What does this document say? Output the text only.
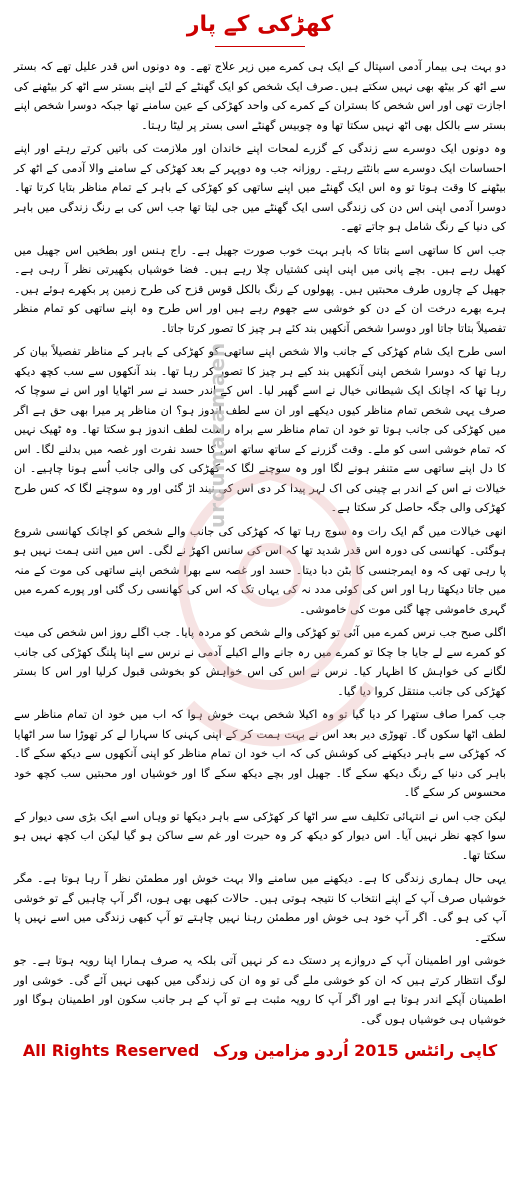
کھڑکی کے پار

دو بہت ہی بیمار آدمی اسپتال کے ایک ہی کمرے میں زیر علاج تھے۔ وہ دونوں اس قدر علیل تھے کہ بستر سے اٹھ کر بیٹھ بھی نہیں سکتے ہیں۔صرف ایک شخص کو ایک گھنٹے کے لئے اپنے بستر سے اٹھ کر بیٹھنے کی اجازت تھی اور اس شخص کا بستران کے کمرے کی واحد کھڑکی کے عین سامنے تھا جبکہ دوسرا شخص اپنے بستر سے بالکل بھی اٹھ نہیں سکتا تھا وہ چوبیس گھنٹے اسی بستر پر لیٹا رہتا۔

وہ دونوں ایک دوسرے سے زندگی کے گزرے لمحات اپنے خاندان اور ملازمت کی باتیں کرتے رہتے اور اپنے احساسات ایک دوسرے سے بانٹتے رہتے۔ روزانہ جب وہ دوپہر کے بعد کھڑکی کے سامنے والا آدمی کے اٹھ کر بیٹھنے کا وقت ہوتا تو وہ اس ایک گھنٹے میں اپنے ساتھی کو کھڑکی کے باہر کے تمام مناظر بتایا کرتا تھا۔ دوسرا آدمی اپنی اس دن کی زندگی اسی ایک گھنٹے میں جی لیتا تھا جب اس کی بے رنگ زندگی میں باہر کی دنیا کے رنگ شامل ہو جاتے تھے۔

جب اس کا ساتھی اسے بتاتا کہ باہر بہت خوب صورت جھیل ہے۔ راج ہنس اور بطخیں اس جھیل میں کھیل رہے ہیں۔ بچے پانی میں اپنی اپنی کشتیاں چلا رہے ہیں۔ فضا خوشیاں بکھیرتی نظر آ رہی ہے۔ جھیل کے چاروں طرف محبتیں ہیں۔ پھولوں کے رنگ بالکل قوس قزح کی طرح زمین پر بکھرے ہوئے ہیں۔ ہرے بھرے درخت ان کے دن کو خوشی سے جھوم رہے ہیں اور اس طرح وہ اپنے ساتھی کو تمام منظر تفصیلاً بتاتا جاتا اور دوسرا شخص آنکھیں بند کئے ہر چیز کا تصور کرتا جاتا۔

اسی طرح ایک شام کھڑکی کے جانب والا شخص اپنے ساتھی کو کھڑکی کے باہر کے مناظر تفصیلاً بیان کر رہا تھا کہ دوسرا شخص اپنی آنکھیں بند کیے ہر چیز کا تصور کر رہا تھا۔ بند آنکھوں سے سب کچھ دیکھ رہا تھا کہ اچانک ایک شیطانی خیال نے اسے گھیر لیا۔ اس کے اندر حسد نے سر اٹھایا اور اس نے سوچا کہ صرف یہی شخص تمام مناظر کیوں دیکھے اور ان سے لطف اندوز ہو؟ ان مناظر پر میرا بھی حق ہے اگر میں کھڑکی کی جانب ہوتا تو خود ان تمام مناظر سے براہ راست لطف اندوز ہو سکتا تھا۔ وہ ٹھیک نہیں کہ تمام خوشی اسی کو ملے۔ وقت گزرنے کے ساتھ ساتھ اس کا حسد نفرت اور غصہ میں بدلنے لگا۔ اس کا دل اپنے ساتھی سے متنفر ہونے لگا اور وہ سوچنے لگا کہ کھڑکی کی والی جانب اُسے ہونا چاہیے۔ ان خیالات نے اس کے اندر بے چینی کی اک لہر پیدا کر دی اس کی نیند اڑ گئی اور وہ سوچنے لگا کہ کس طرح کھڑکی والی جگہ حاصل کر سکتا ہے۔

انھی خیالات میں گم ایک رات وہ سوچ رہا تھا کہ کھڑکی کی جانب والے شخص کو اچانک کھانسی شروع ہوگئی۔ کھانسی کی دورہ اس قدر شدید تھا کہ اس کی سانس اکھڑ نے لگی۔ اس میں اتنی ہمت نہیں ہو پا رہی تھی کہ وہ ایمرجنسی کا بٹن دبا دیتا۔ حسد اور غصہ سے بھرا شخص اپنے ساتھی کی موت کے منہ میں جاتا دیکھتا رہا اور اس کی کوئی مدد نہ کی یہاں تک کہ اس کی کھانسی رک گئی اور پورے کمرے میں گہری خاموشی چھا گئی موت کی خاموشی۔

اگلی صبح جب نرس کمرے میں آئی تو کھڑکی والے شخص کو مردہ پایا۔ جب اگلے روز اس شخص کی میت کو کمرے سے لے جایا جا چکا تو کمرے میں رہ جانے والے اکیلے آدمی نے نرس سے اپنا پلنگ کھڑکی کی جانب لگانے کی خواہش کا اظہار کیا۔ نرس نے اس کی اس خواہش کو بخوشی قبول کرلیا اور اس کا بستر کھڑکی کی جانب منتقل کروا دیا گیا۔

جب کمرا صاف ستھرا کر دیا گیا تو وہ اکیلا شخص بہت خوش ہوا کہ اب میں خود ان تمام مناظر سے لطف اٹھا سکوں گا۔ تھوڑی دیر بعد اس نے بہت ہمت کر کے اپنی کہنی کا سہارا لے کر تھوڑا سا سر اٹھایا کہ کھڑکی سے باہر دیکھنے کی کوشش کی کہ اب خود ان تمام مناظر کو اپنی آنکھوں سے دیکھ سکے گا۔ باہر کی دنیا کے رنگ دیکھ سکے گا۔ جھیل اور بچے دیکھ سکے گا اور خوشیاں اور محبتیں سب کچھ خود محسوس کر سکے گا۔

لیکن جب اس نے انتہائی تکلیف سے سر اٹھا کر کھڑکی سے باہر دیکھا تو وہاں اسے ایک بڑی سی دیوار کے سوا کچھ نظر نہیں آیا۔ اس دیوار کو دیکھ کر وہ حیرت اور غم سے ساکن ہو گیا لیکن اب کچھ نہیں ہو سکتا تھا۔

یہی حال ہماری زندگی کا ہے۔ دیکھنے میں سامنے والا بہت خوش اور مطمئن نظر آ رہا ہوتا ہے۔ مگر خوشیاں صرف آپ کے اپنے انتخاب کا نتیجہ ہوتی ہیں۔ حالات کبھی بھی ہوں، اگر آپ چاہیں گے تو خوشی آپ کی ہو گی۔ اگر آپ خود ہی خوش اور مطمئن رہنا نہیں چاہتے تو آپ کبھی زندگی میں اسے نہیں پا سکتے۔

خوشی اور اطمینان آپ کے دروازے پر دستک دے کر نہیں آتی بلکہ یہ صرف ہمارا اپنا رویہ ہوتا ہے۔ جو لوگ انتظار کرتے ہیں کہ ان کو خوشی ملے گی تو وہ ان کی زندگی میں کبھی نہیں آئے گی۔ خوشی اور اطمینان آپکے اندر ہوتا ہے اور اگر آپ کا رویہ مثبت ہے تو آپ کے ہر جانب سکون اور اطمینان ہوگا اور خوشیاں ہی خوشیاں ہوں گی۔

کاپی رائٹس 2015 اُردو مزامین ورک All Rights Reserved
urdumazamaen
